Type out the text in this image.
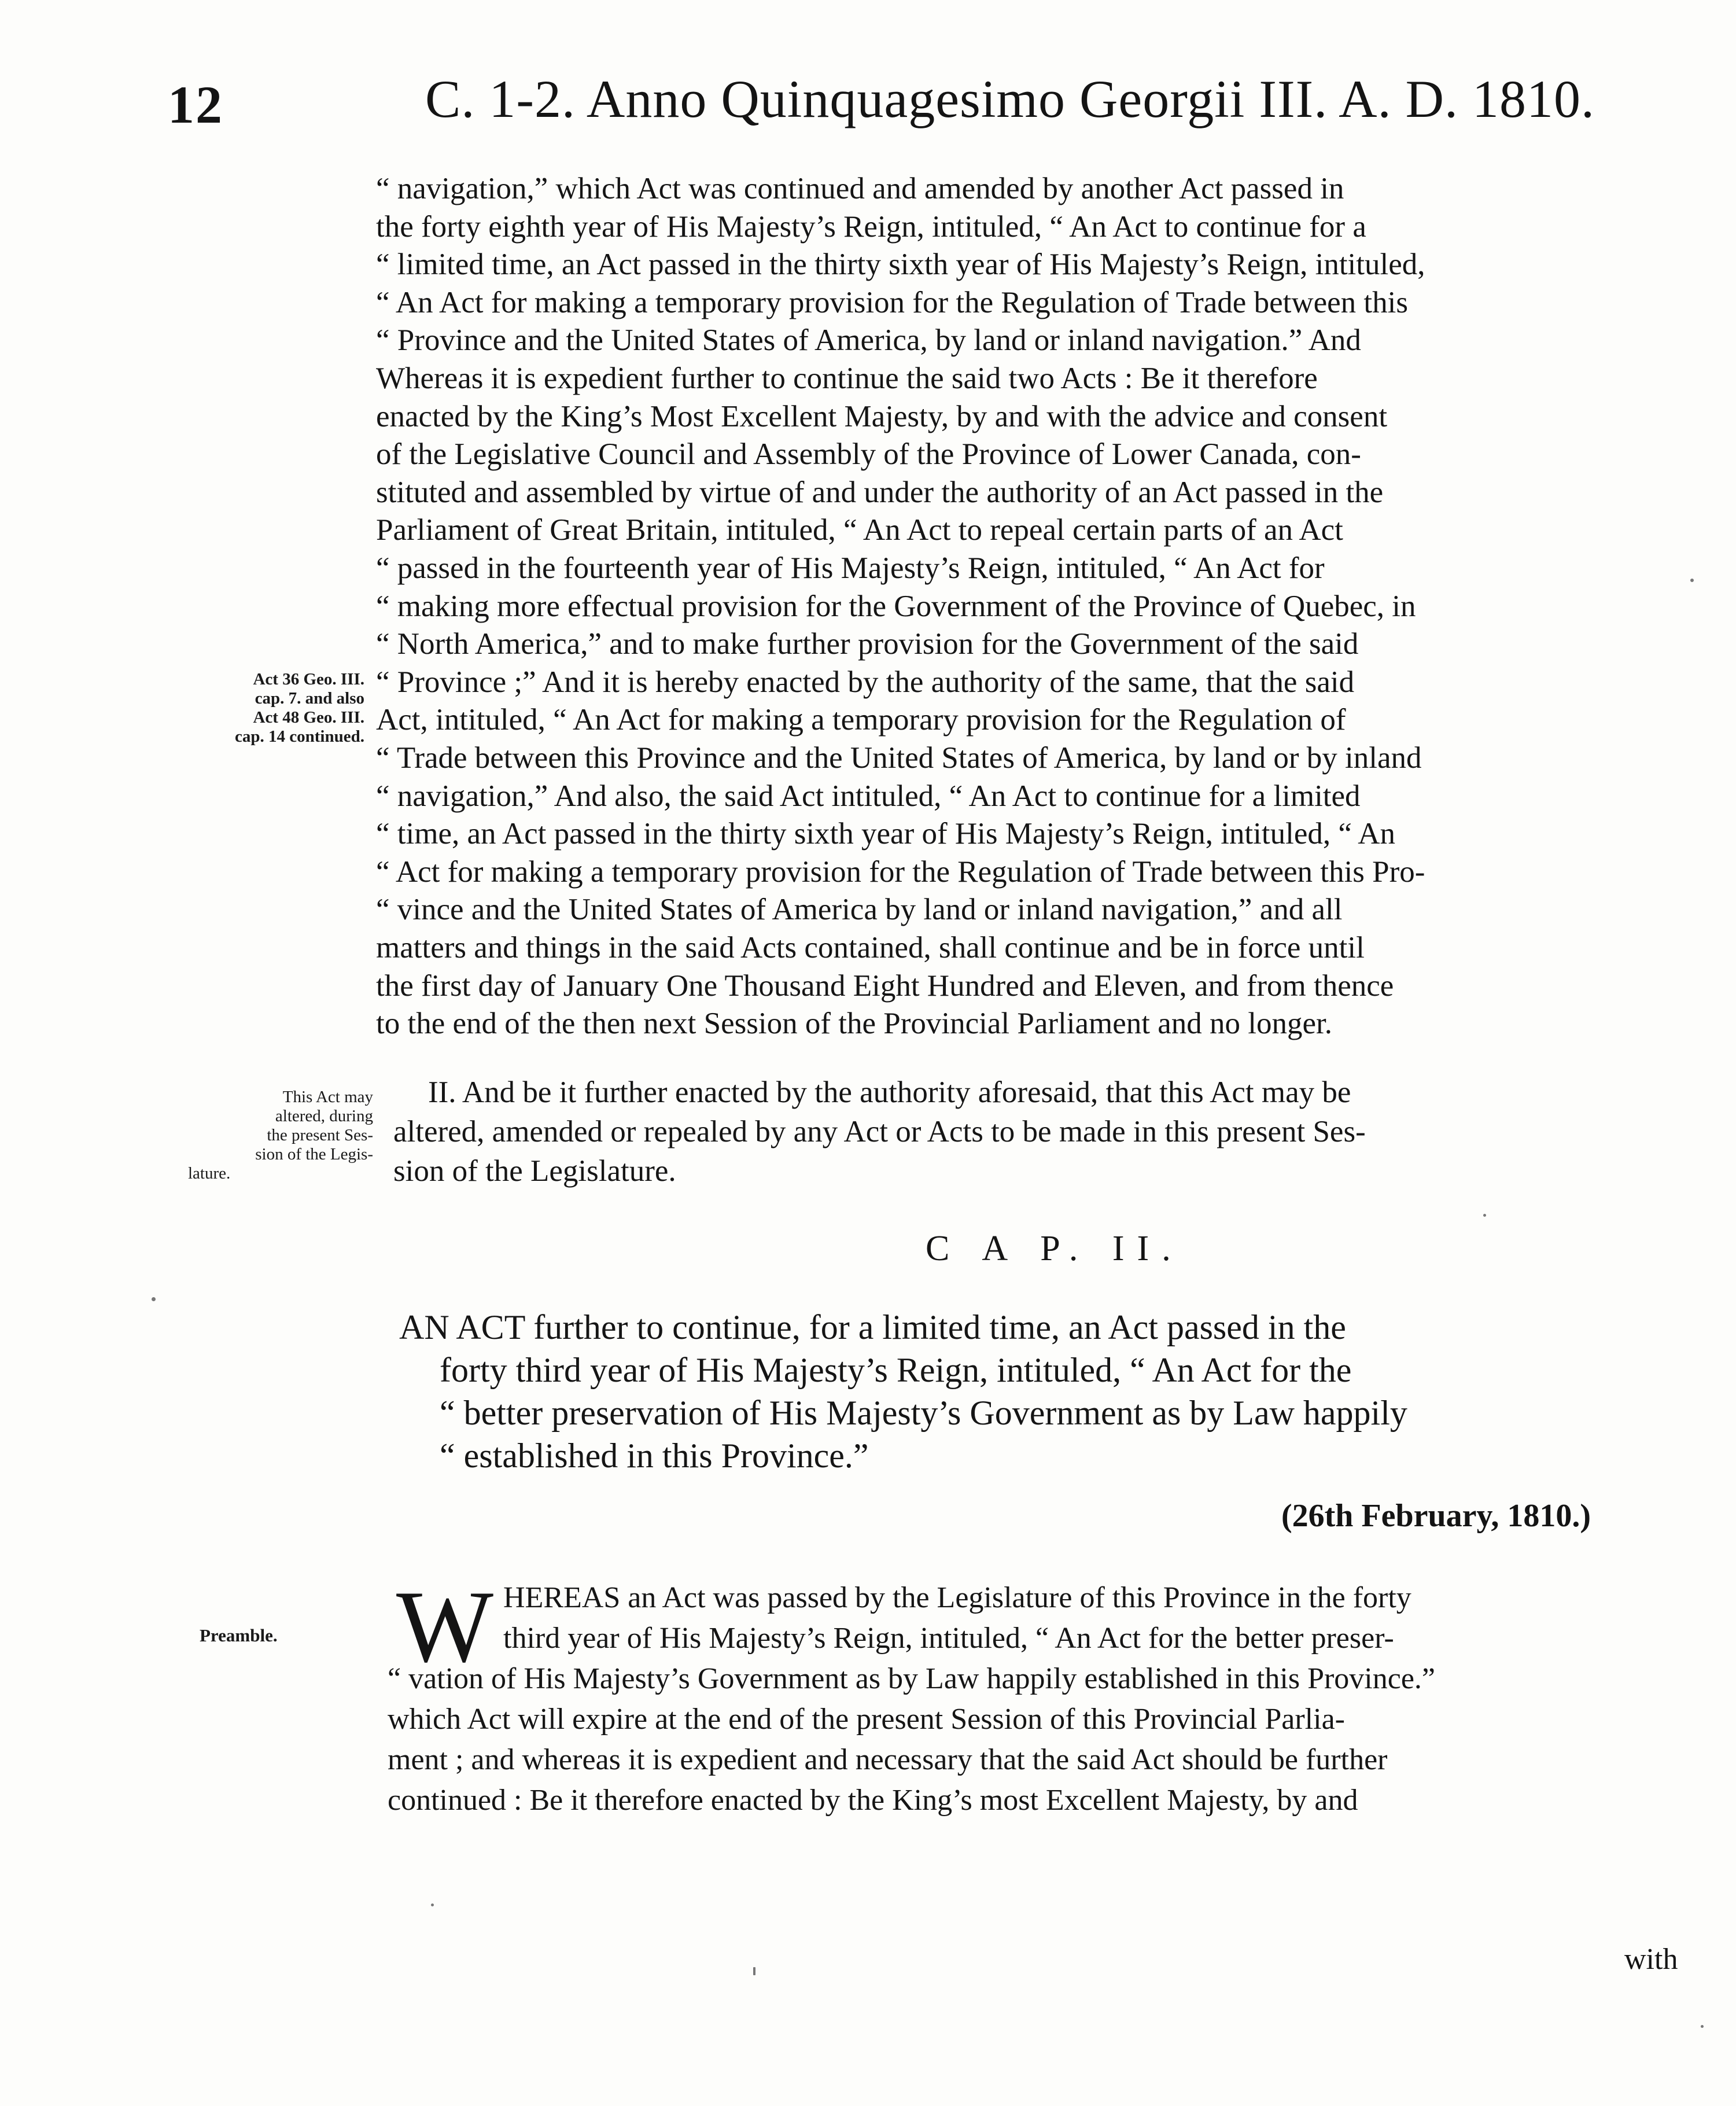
12	C. 1-2. Anno Quinquagesimo Georgii III. A. D. 1810.
“ navigation,” which Act was continued and amended by another Act passed in
the forty eighth year of His Majesty’s Reign, intituled, “ An Act to continue for a
“ limited time, an Act passed in the thirty sixth year of His Majesty’s Reign, intituled,
“ An Act for making a temporary provision for the Regulation of Trade between this
“ Province and the United States of America, by land or inland navigation.” And
Whereas it is expedient further to continue the said two Acts : Be it therefore
enacted by the King’s Most Excellent Majesty, by and with the advice and consent
of the Legislative Council and Assembly of the Province of Lower Canada, con-
stituted and assembled by virtue of and under the authority of an Act passed in the
Parliament of Great Britain, intituled, “ An Act to repeal certain parts of an Act
“ passed in the fourteenth year of His Majesty’s Reign, intituled, “ An Act for
“ making more effectual provision for the Government of the Province of Quebec, in
“ North America,” and to make further provision for the Government of the said
“ Province ;” And it is hereby enacted by the authority of the same, that the said
Act, intituled, “ An Act for making a temporary provision for the Regulation of
“ Trade between this Province and the United States of America, by land or by inland
“ navigation,” And also, the said Act intituled, “ An Act to continue for a limited
“ time, an Act passed in the thirty sixth year of His Majesty’s Reign, intituled, “ An
“ Act for making a temporary provision for the Regulation of Trade between this Pro-
“ vince and the United States of America by land or inland navigation,” and all
matters and things in the said Acts contained, shall continue and be in force until
the first day of January One Thousand Eight Hundred and Eleven, and from thence
to the end of the then next Session of the Provincial Parliament and no longer.
Act 36 Geo. III.
cap. 7. and also
Act 48 Geo. III.
cap. 14 continued.
II. And be it further enacted by the authority aforesaid, that this Act may be
altered, amended or repealed by any Act or Acts to be made in this present Ses-
sion of the Legislature.
This Act may
altered, during
the present Ses-
sion of the Legis-
lature.
C A P. II.
AN ACT further to continue, for a limited time, an Act passed in the
forty third year of His Majesty’s Reign, intituled, “ An Act for the
“ better preservation of His Majesty’s Government as by Law happily
“ established in this Province.”
(26th February, 1810.)
W HEREAS an Act was passed by the Legislature of this Province in the forty
third year of His Majesty’s Reign, intituled, “ An Act for the better preser-
“ vation of His Majesty’s Government as by Law happily established in this Province.”
which Act will expire at the end of the present Session of this Provincial Parlia-
ment ; and whereas it is expedient and necessary that the said Act should be further
continued : Be it therefore enacted by the King’s most Excellent Majesty, by and
Preamble.
with
